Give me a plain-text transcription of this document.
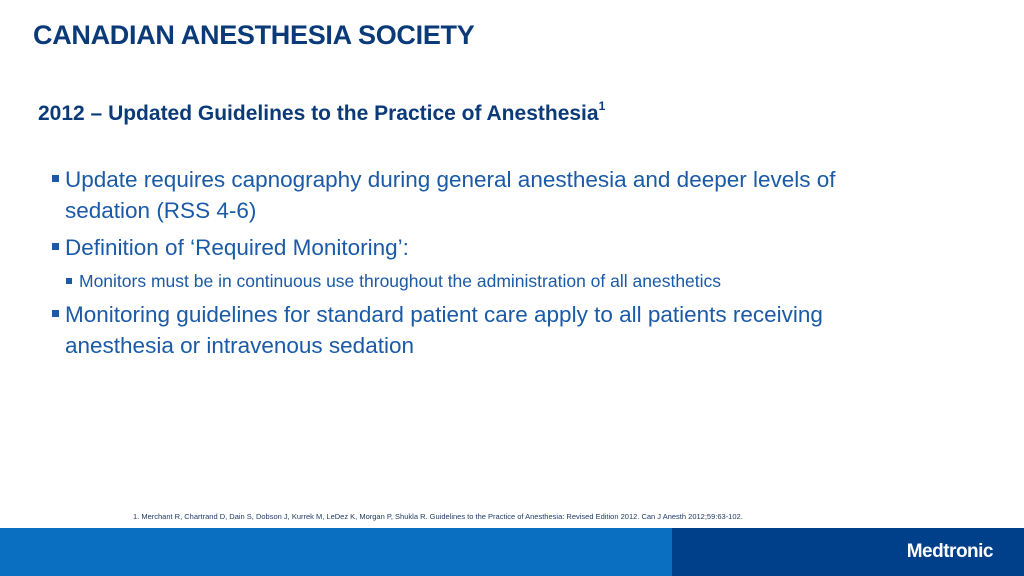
CANADIAN ANESTHESIA SOCIETY
2012 – Updated Guidelines to the Practice of Anesthesia$^1$
Update requires capnography during general anesthesia and deeper levels of sedation (RSS 4-6)
Definition of ‘Required Monitoring’:
Monitors must be in continuous use throughout the administration of all anesthetics
Monitoring guidelines for standard patient care apply to all patients receiving anesthesia or intravenous sedation

1. Merchant R, Chartrand D, Dain S, Dobson J, Kurrek M, LeDez K, Morgan P, Shukla R. Guidelines to the Practice of Anesthesia: Revised Edition 2012. Can J Anesth 2012;59:63-102.

Medtronic
